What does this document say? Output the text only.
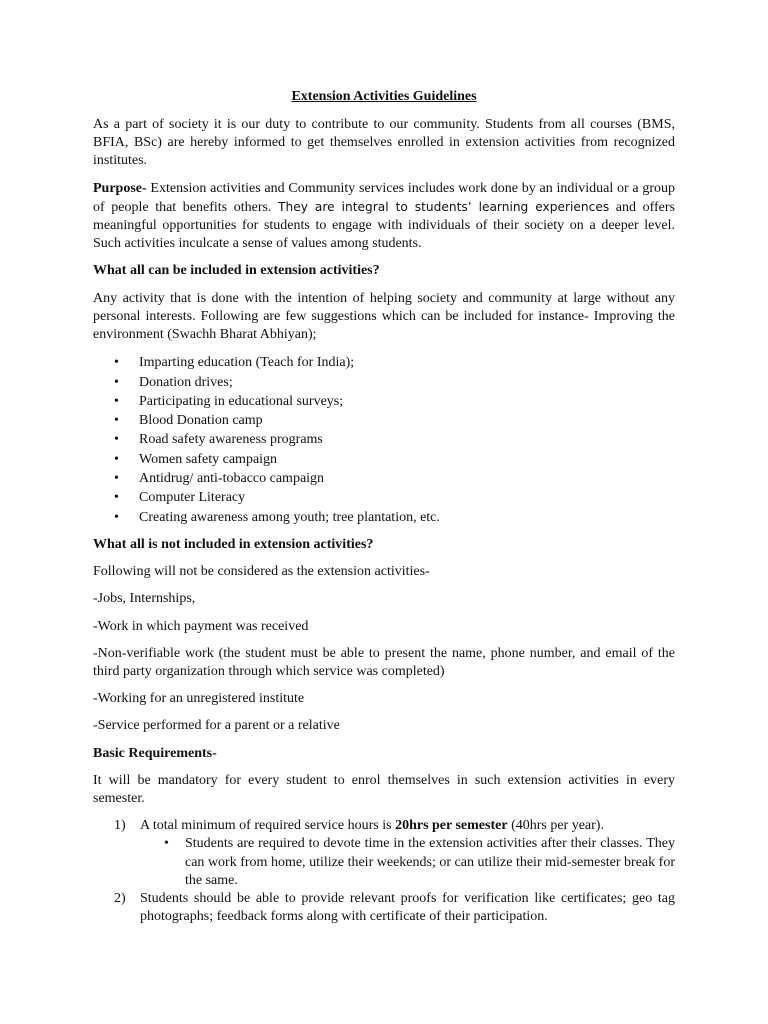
Extension Activities Guidelines

As a part of society it is our duty to contribute to our community. Students from all courses (BMS, BFIA, BSc) are hereby informed to get themselves enrolled in extension activities from recognized institutes.

Purpose- Extension activities and Community services includes work done by an individual or a group of people that benefits others. They are integral to students’ learning experiences and offers meaningful opportunities for students to engage with individuals of their society on a deeper level. Such activities inculcate a sense of values among students.

What all can be included in extension activities?

Any activity that is done with the intention of helping society and community at large without any personal interests. Following are few suggestions which can be included for instance- Improving the environment (Swachh Bharat Abhiyan);

• Imparting education (Teach for India);
• Donation drives;
• Participating in educational surveys;
• Blood Donation camp
• Road safety awareness programs
• Women safety campaign
• Antidrug/ anti-tobacco campaign
• Computer Literacy
• Creating awareness among youth; tree plantation, etc.
What all is not included in extension activities?

Following will not be considered as the extension activities-

-Jobs, Internships,

-Work in which payment was received

-Non-verifiable work (the student must be able to present the name, phone number, and email of the third party organization through which service was completed)

-Working for an unregistered institute

-Service performed for a parent or a relative

Basic Requirements-

It will be mandatory for every student to enrol themselves in such extension activities in every semester.

1) A total minimum of required service hours is 20hrs per semester (40hrs per year).
• Students are required to devote time in the extension activities after their classes. They can work from home, utilize their weekends; or can utilize their mid-semester break for the same.
2) Students should be able to provide relevant proofs for verification like certificates; geo tag photographs; feedback forms along with certificate of their participation.
